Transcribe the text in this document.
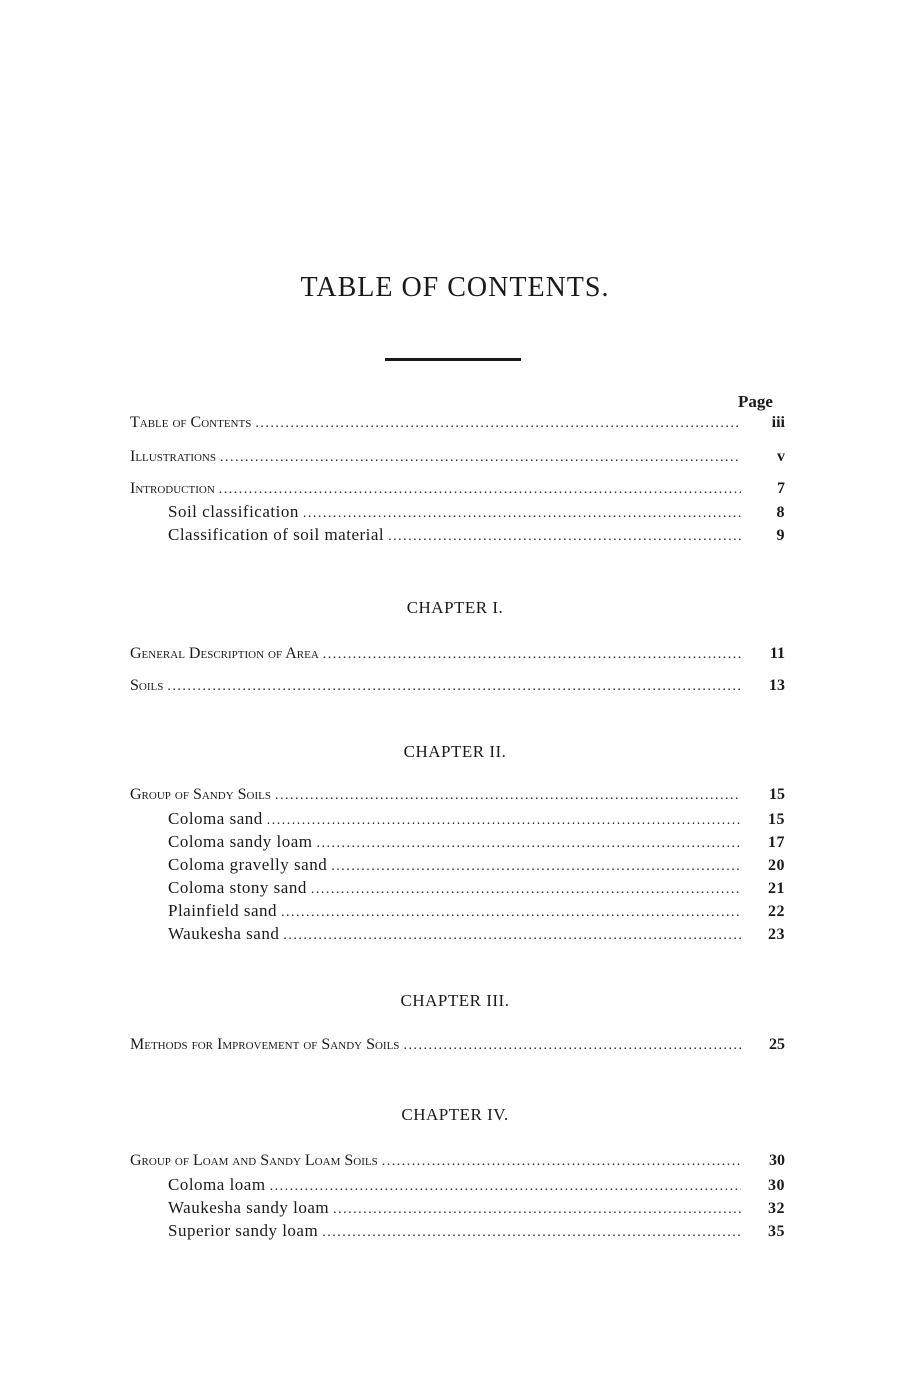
TABLE OF CONTENTS.
Page
Table of Contents . . .	iii
Illustrations . . .	v
Introduction . . .	7
Soil classification . . .	8
Classification of soil material . . .	9
CHAPTER I.
General Description of Area . . .	11
Soils . . .	13
CHAPTER II.
Group of Sandy Soils . . .	15
Coloma sand . . .	15
Coloma sandy loam . . .	17
Coloma gravelly sand . . .	20
Coloma stony sand . . .	21
Plainfield sand . . .	22
Waukesha sand . . .	23
CHAPTER III.
Methods for Improvement of Sandy Soils . . .	25
CHAPTER IV.
Group of Loam and Sandy Loam Soils . . .	30
Coloma loam . . .	30
Waukesha sandy loam . . .	32
Superior sandy loam . . .	35
